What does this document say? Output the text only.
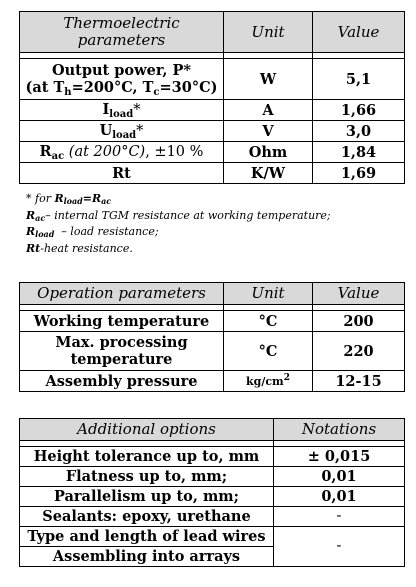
Thermoelectric parameters	Unit	Value

Output power, P*
(at $T_h=200^\circ C$, $T_c=30^\circ C$)	W	5,1
$I_{load}*$	A	1,66
$U_{load}*$	V	3,0
$R_{ac}$ (at 200°C), ±10 %	Ohm	1,84
Rt	K/W	1,69
* for $R_{load}=R_{ac}$
$R_{ac}-$ internal TGM resistance at working temperature;
$R_{load}$  – load resistance;
Rt-heat resistance.
Operation parameters	Unit	Value

Working temperature	°C	200

Max. processing
temperature	°C	220
Assembly pressure	$kg/cm^2$	12-15
Additional options	Notations

Height tolerance up to, mm	± 0,015
Flatness up to, mm;	0,01
Parallelism up to, mm;	0,01
Sealants: epoxy, urethane	-
Type and length of lead wires	-
Assembling into arrays	
